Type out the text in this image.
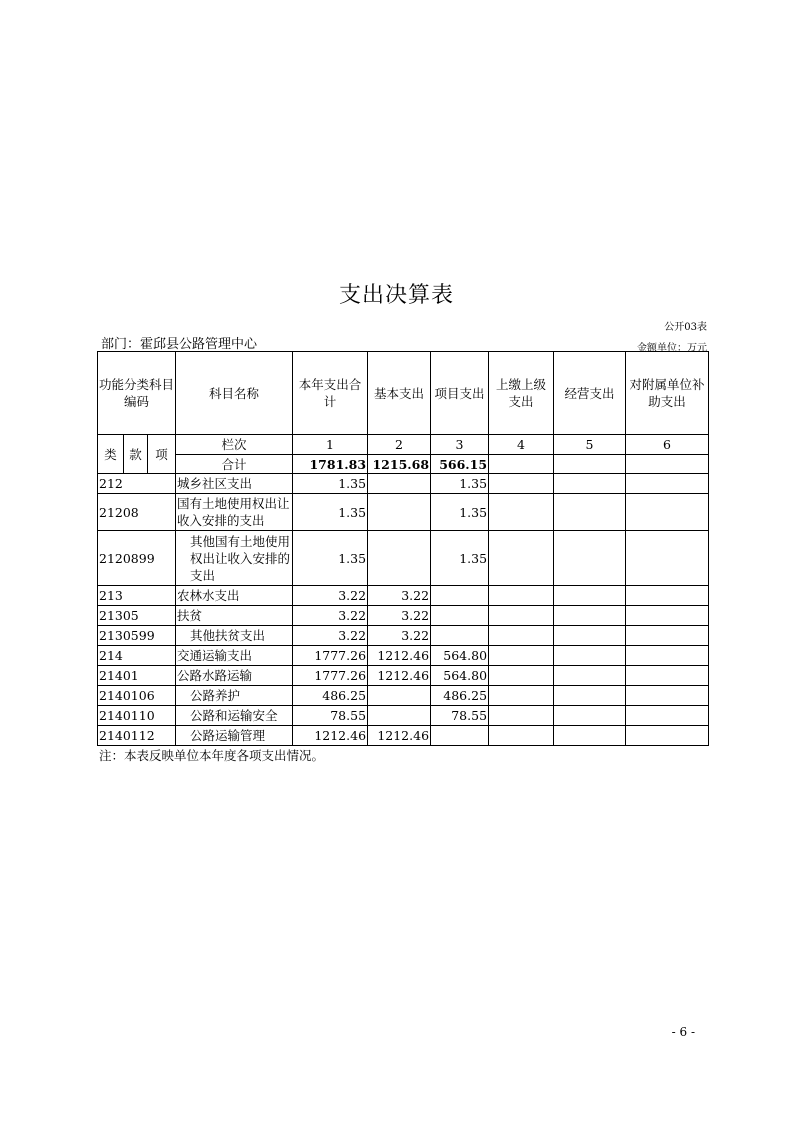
支出决算表
公开03表
部门：霍邱县公路管理中心	金额单位：万元
功能分类科目编码			科目名称	本年支出合计	基本支出	项目支出	上缴上级支出	经营支出	对附属单位补助支出
类	款	项	栏次	1	2	3	4	5	6
			合计	1781.83	1215.68	566.15			
212			城乡社区支出	1.35		1.35			
21208			国有土地使用权出让收入安排的支出	1.35		1.35			
2120899			其他国有土地使用权出让收入安排的支出	1.35		1.35			
213			农林水支出	3.22	3.22				
21305			扶贫	3.22	3.22				
2130599			其他扶贫支出	3.22	3.22				
214			交通运输支出	1777.26	1212.46	564.80			
21401			公路水路运输	1777.26	1212.46	564.80			
2140106			公路养护	486.25		486.25			
2140110			公路和运输安全	78.55		78.55			
2140112			公路运输管理	1212.46	1212.46				
注：本表反映单位本年度各项支出情况。
- 6 -
